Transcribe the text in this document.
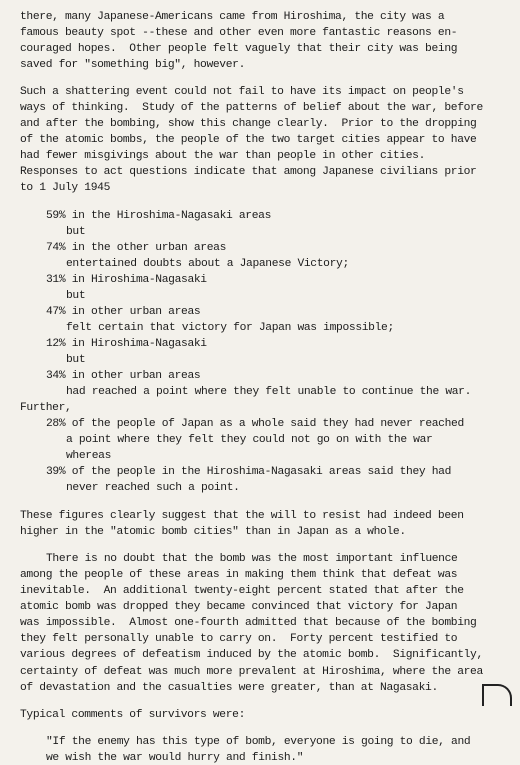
there, many Japanese-Americans came from Hiroshima, the city was a
famous beauty spot --these and other even more fantastic reasons en-
couraged hopes.  Other people felt vaguely that their city was being
saved for "something big", however.
Such a shattering event could not fail to have its impact on people's
ways of thinking.  Study of the patterns of belief about the war, before
and after the bombing, show this change clearly.  Prior to the dropping
of the atomic bombs, the people of the two target cities appear to have
had fewer misgivings about the war than people in other cities.
Responses to act questions indicate that among Japanese civilians prior
to 1 July 1945
59% in the Hiroshima-Nagasaki areas
but
74% in the other urban areas
entertained doubts about a Japanese Victory;
31% in Hiroshima-Nagasaki
but
47% in other urban areas
felt certain that victory for Japan was impossible;
12% in Hiroshima-Nagasaki
but
34% in other urban areas
had reached a point where they felt unable to continue the war.
Further,
28% of the people of Japan as a whole said they had never reached
a point where they felt they could not go on with the war
whereas
39% of the people in the Hiroshima-Nagasaki areas said they had
never reached such a point.
These figures clearly suggest that the will to resist had indeed been
higher in the "atomic bomb cities" than in Japan as a whole.
There is no doubt that the bomb was the most important influence
among the people of these areas in making them think that defeat was
inevitable.  An additional twenty-eight percent stated that after the
atomic bomb was dropped they became convinced that victory for Japan
was impossible.  Almost one-fourth admitted that because of the bombing
they felt personally unable to carry on.  Forty percent testified to
various degrees of defeatism induced by the atomic bomb.  Significantly,
certainty of defeat was much more prevalent at Hiroshima, where the area
of devastation and the casualties were greater, than at Nagasaki.
Typical comments of survivors were:
"If the enemy has this type of bomb, everyone is going to die, and
we wish the war would hurry and finish."
